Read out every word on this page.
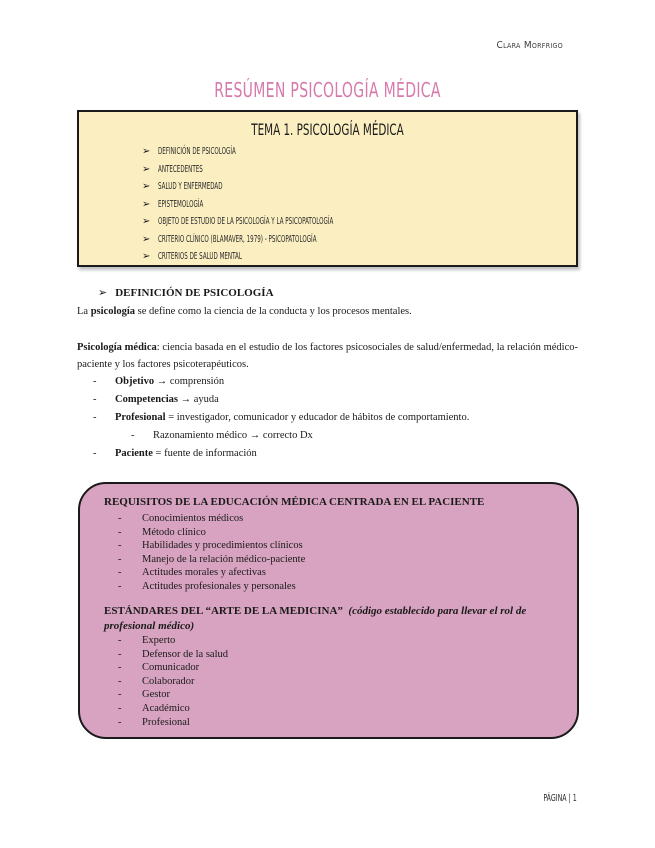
Clara Morfrigo
RESÚMEN PSICOLOGÍA MÉDICA
TEMA 1. PSICOLOGÍA MÉDICA
➢ DEFINICIÓN DE PSICOLOGÍA
➢ ANTECEDENTES
➢ SALUD Y ENFERMEDAD
➢ EPISTEMOLOGÍA
➢ OBJETO DE ESTUDIO DE LA PSICOLOGÍA Y LA PSICOPATOLOGÍA
➢ CRITERIO CLÍNICO (BLAMAVER, 1979) - PSICOPATOLOGÍA
➢ CRITERIOS DE SALUD MENTAL
➢ DEFINICIÓN DE PSICOLOGÍA
La psicología se define como la ciencia de la conducta y los procesos mentales.
Psicología médica: ciencia basada en el estudio de los factores psicosociales de salud/enfermedad, la relación médico-paciente y los factores psicoterapéuticos.
-	Objetivo → comprensión
-	Competencias → ayuda
-	Profesional = investigador, comunicador y educador de hábitos de comportamiento.
-	Razonamiento médico → correcto Dx
-	Paciente = fuente de información
REQUISITOS DE LA EDUCACIÓN MÉDICA CENTRADA EN EL PACIENTE
-	Conocimientos médicos
-	Método clínico
-	Habilidades y procedimientos clínicos
-	Manejo de la relación médico-paciente
-	Actitudes morales y afectivas
-	Actitudes profesionales y personales
ESTÁNDARES DEL “ARTE DE LA MEDICINA” (código establecido para llevar el rol de
profesional médico)
-	Experto
-	Defensor de la salud
-	Comunicador
-	Colaborador
-	Gestor
-	Académico
-	Profesional
PÁGINA | 1
